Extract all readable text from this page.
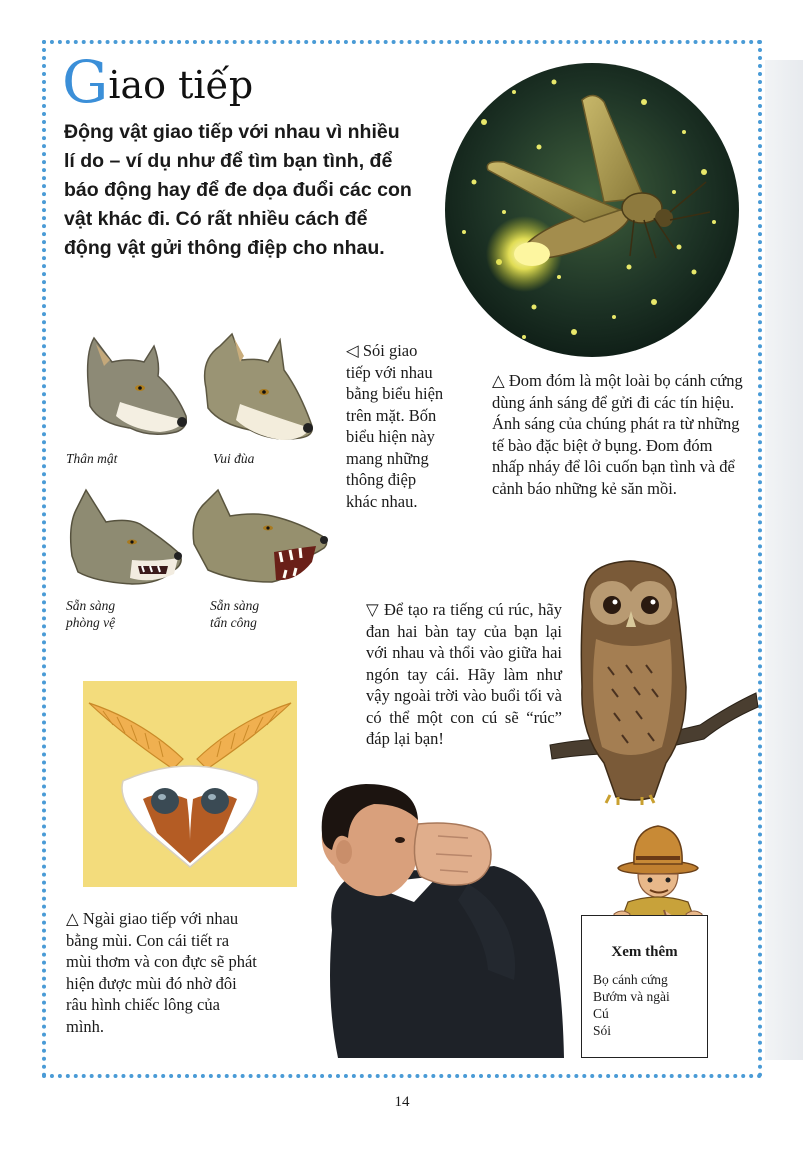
Giao tiếp

Động vật giao tiếp với nhau vì nhiều lí do – ví dụ như để tìm bạn tình, để báo động hay để đe dọa đuổi các con vật khác đi. Có rất nhiều cách để động vật gửi thông điệp cho nhau.

Thân mật	Vui đùa

Sẵn sàng phòng vệ

Sẵn sàng tấn công

◁ Sói giao tiếp với nhau bằng biểu hiện trên mặt. Bốn biểu hiện này mang những thông điệp khác nhau.

△ Đom đóm là một loài bọ cánh cứng dùng ánh sáng để gửi đi các tín hiệu. Ánh sáng của chúng phát ra từ những tế bào đặc biệt ở bụng. Đom đóm nhấp nháy để lôi cuốn bạn tình và để cảnh báo những kẻ săn mồi.

▽ Để tạo ra tiếng cú rúc, hãy đan hai bàn tay của bạn lại với nhau và thổi vào giữa hai ngón tay cái. Hãy làm như vậy ngoài trời vào buổi tối và có thể một con cú sẽ “rúc” đáp lại bạn!

△ Ngài giao tiếp với nhau bằng mùi. Con cái tiết ra mùi thơm và con đực sẽ phát hiện được mùi đó nhờ đôi râu hình chiếc lông của mình.

Xem thêm

Bọ cánh cứng
Bướm và ngài
Cú
Sói

14
